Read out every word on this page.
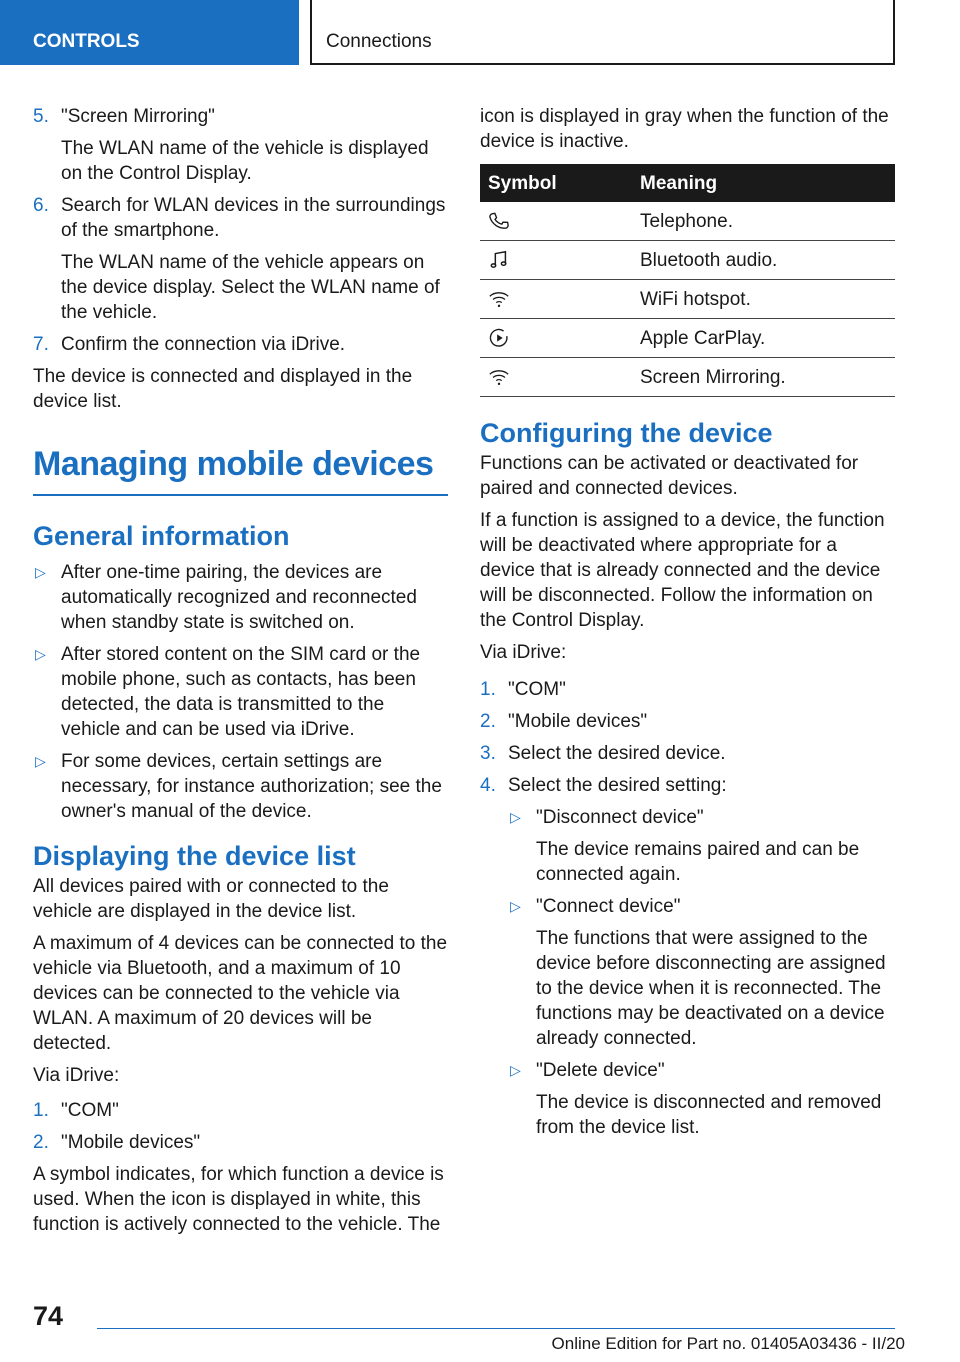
CONTROLS	Connections
5. "Screen Mirroring"
The WLAN name of the vehicle is displayed on the Control Display.
6. Search for WLAN devices in the surroundings of the smartphone.
The WLAN name of the vehicle appears on the device display. Select the WLAN name of the vehicle.
7. Confirm the connection via iDrive.

The device is connected and displayed in the device list.

Managing mobile devices
General information
▷ After one-time pairing, the devices are automatically recognized and reconnected when standby state is switched on.
▷ After stored content on the SIM card or the mobile phone, such as contacts, has been detected, the data is transmitted to the vehicle and can be used via iDrive.
▷ For some devices, certain settings are necessary, for instance authorization; see the owner's manual of the device.
Displaying the device list

All devices paired with or connected to the vehicle are displayed in the device list.

A maximum of 4 devices can be connected to the vehicle via Bluetooth, and a maximum of 10 devices can be connected to the vehicle via WLAN. A maximum of 20 devices will be detected.

Via iDrive:

1. "COM"
2. "Mobile devices"

A symbol indicates, for which function a device is used. When the icon is displayed in white, this function is actively connected to the vehicle. The

icon is displayed in gray when the function of the device is inactive.

Symbol	Meaning
	Telephone.
	Bluetooth audio.
	WiFi hotspot.
	Apple CarPlay.
	Screen Mirroring.
Configuring the device

Functions can be activated or deactivated for paired and connected devices.

If a function is assigned to a device, the function will be deactivated where appropriate for a device that is already connected and the device will be disconnected. Follow the information on the Control Display.

Via iDrive:

1. "COM"
2. "Mobile devices"
3. Select the desired device.
4. Select the desired setting:
▷ "Disconnect device"
The device remains paired and can be connected again.
▷ "Connect device"
The functions that were assigned to the device before disconnecting are assigned to the device when it is reconnected. The functions may be deactivated on a device already connected.
▷ "Delete device"
The device is disconnected and removed from the device list.
74
Online Edition for Part no. 01405A03436 - II/20
